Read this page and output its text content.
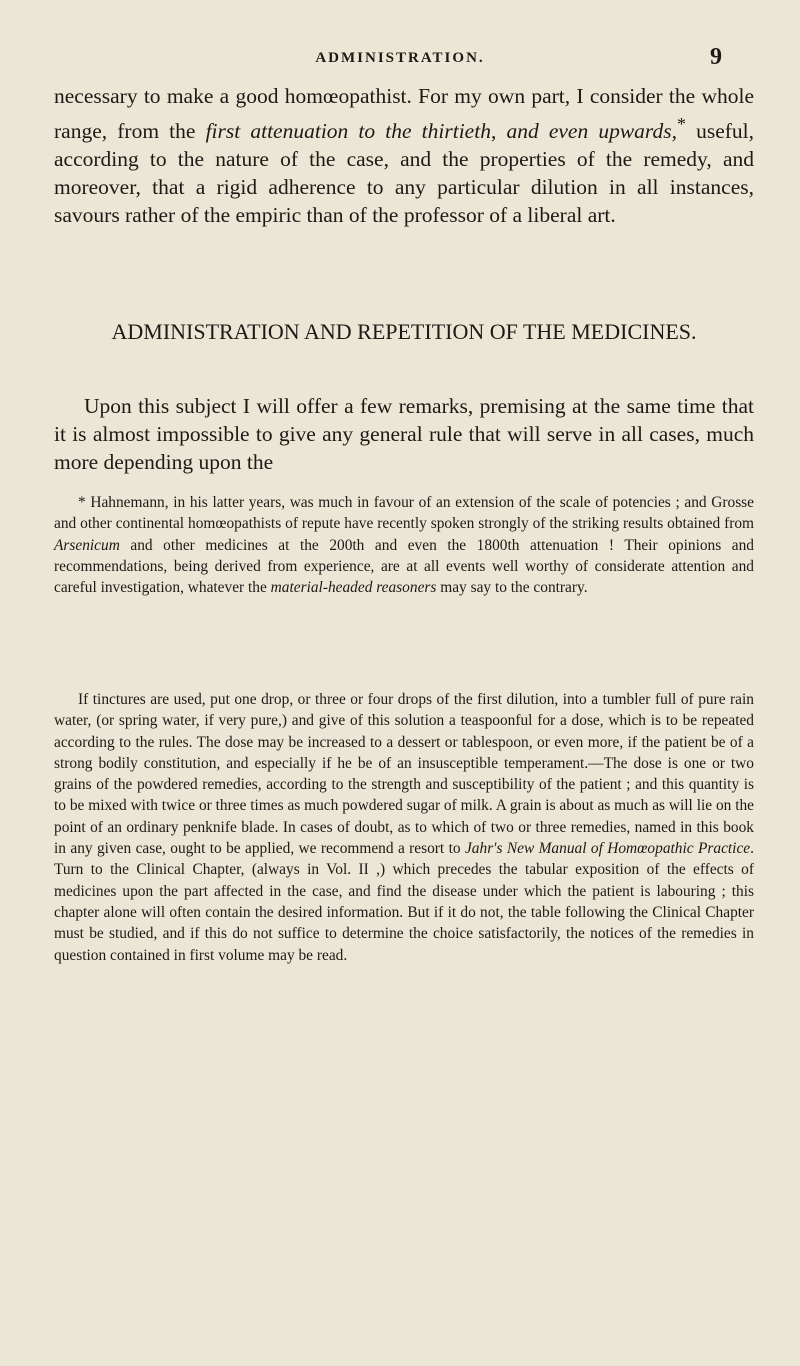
ADMINISTRATION.	9

necessary to make a good homœopathist. For my own part, I consider the whole range, from the first attenuation to the thirtieth, and even upwards,* useful, according to the nature of the case, and the properties of the remedy, and moreover, that a rigid adherence to any particular dilution in all instances, savours rather of the empiric than of the professor of a liberal art.

ADMINISTRATION AND REPETITION OF THE MEDICINES.

Upon this subject I will offer a few remarks, premising at the same time that it is almost impossible to give any general rule that will serve in all cases, much more depending upon the

* Hahnemann, in his latter years, was much in favour of an extension of the scale of potencies ; and Grosse and other continental homœopathists of repute have recently spoken strongly of the striking results obtained from Arsenicum and other medicines at the 200th and even the 1800th attenuation ! Their opinions and recommendations, being derived from experience, are at all events well worthy of considerate attention and careful investigation, whatever the material-headed reasoners may say to the contrary.

If tinctures are used, put one drop, or three or four drops of the first dilution, into a tumbler full of pure rain water, (or spring water, if very pure,) and give of this solution a teaspoonful for a dose, which is to be repeated according to the rules. The dose may be increased to a dessert or tablespoon, or even more, if the patient be of a strong bodily constitution, and especially if he be of an insusceptible temperament.—The dose is one or two grains of the powdered remedies, according to the strength and susceptibility of the patient ; and this quantity is to be mixed with twice or three times as much powdered sugar of milk. A grain is about as much as will lie on the point of an ordinary penknife blade. In cases of doubt, as to which of two or three remedies, named in this book in any given case, ought to be applied, we recommend a resort to Jahr's New Manual of Homœopathic Practice. Turn to the Clinical Chapter, (always in Vol. II ,) which precedes the tabular exposition of the effects of medicines upon the part affected in the case, and find the disease under which the patient is labouring ; this chapter alone will often contain the desired information. But if it do not, the table following the Clinical Chapter must be studied, and if this do not suffice to determine the choice satisfactorily, the notices of the remedies in question contained in first volume may be read.
